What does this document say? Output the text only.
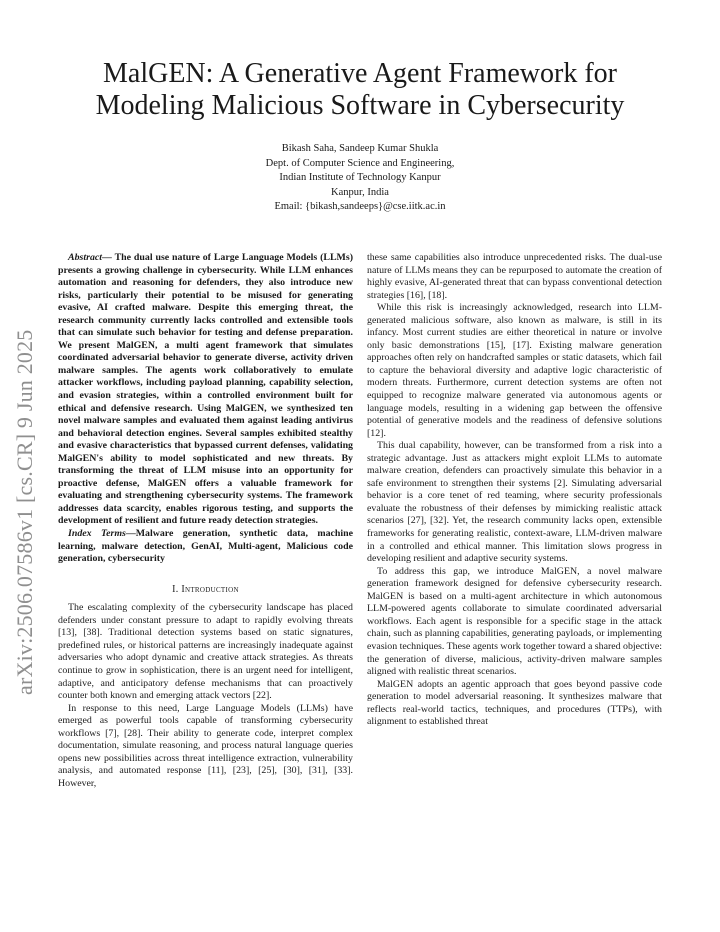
arXiv:2506.07586v1 [cs.CR] 9 Jun 2025
MalGEN: A Generative Agent Framework for
Modeling Malicious Software in Cybersecurity
Bikash Saha, Sandeep Kumar Shukla
Dept. of Computer Science and Engineering,
Indian Institute of Technology Kanpur
Kanpur, India
Email: {bikash,sandeeps}@cse.iitk.ac.in

Abstract— The dual use nature of Large Language Models (LLMs) presents a growing challenge in cybersecurity. While LLM enhances automation and reasoning for defenders, they also introduce new risks, particularly their potential to be misused for generating evasive, AI crafted malware. Despite this emerging threat, the research community currently lacks controlled and extensible tools that can simulate such behavior for testing and defense preparation. We present MalGEN, a multi agent framework that simulates coordinated adversarial behavior to generate diverse, activity driven malware samples. The agents work collaboratively to emulate attacker workflows, including payload planning, capability selection, and evasion strategies, within a controlled environment built for ethical and defensive research. Using MalGEN, we synthesized ten novel malware samples and evaluated them against leading antivirus and behavioral detection engines. Several samples exhibited stealthy and evasive characteristics that bypassed current defenses, validating MalGEN's ability to model sophisticated and new threats. By transforming the threat of LLM misuse into an opportunity for proactive defense, MalGEN offers a valuable framework for evaluating and strengthening cybersecurity systems. The framework addresses data scarcity, enables rigorous testing, and supports the development of resilient and future ready detection strategies.

Index Terms—Malware generation, synthetic data, machine learning, malware detection, GenAI, Multi-agent, Malicious code generation, cybersecurity

I. Introduction

The escalating complexity of the cybersecurity landscape has placed defenders under constant pressure to adapt to rapidly evolving threats [13], [38]. Traditional detection systems based on static signatures, predefined rules, or historical patterns are increasingly inadequate against adversaries who adopt dynamic and creative attack strategies. As threats continue to grow in sophistication, there is an urgent need for intelligent, adaptive, and anticipatory defense mechanisms that can proactively counter both known and emerging attack vectors [22].

In response to this need, Large Language Models (LLMs) have emerged as powerful tools capable of transforming cybersecurity workflows [7], [28]. Their ability to generate code, interpret complex documentation, simulate reasoning, and process natural language queries opens new possibilities across threat intelligence extraction, vulnerability analysis, and automated response [11], [23], [25], [30], [31], [33]. However,

these same capabilities also introduce unprecedented risks. The dual-use nature of LLMs means they can be repurposed to automate the creation of highly evasive, AI-generated threat that can bypass conventional detection strategies [16], [18].

While this risk is increasingly acknowledged, research into LLM-generated malicious software, also known as malware, is still in its infancy. Most current studies are either theoretical in nature or involve only basic demonstrations [15], [17]. Existing malware generation approaches often rely on handcrafted samples or static datasets, which fail to capture the behavioral diversity and adaptive logic characteristic of modern threats. Furthermore, current detection systems are often not equipped to recognize malware generated via autonomous agents or language models, resulting in a widening gap between the offensive potential of generative models and the readiness of defensive solutions [12].

This dual capability, however, can be transformed from a risk into a strategic advantage. Just as attackers might exploit LLMs to automate malware creation, defenders can proactively simulate this behavior in a safe environment to strengthen their systems [2]. Simulating adversarial behavior is a core tenet of red teaming, where security professionals evaluate the robustness of their defenses by mimicking realistic attack scenarios [27], [32]. Yet, the research community lacks open, extensible frameworks for generating realistic, context-aware, LLM-driven malware in a controlled and ethical manner. This limitation slows progress in developing resilient and adaptive security systems.

To address this gap, we introduce MalGEN, a novel malware generation framework designed for defensive cybersecurity research. MalGEN is based on a multi-agent architecture in which autonomous LLM-powered agents collaborate to simulate coordinated adversarial workflows. Each agent is responsible for a specific stage in the attack chain, such as planning capabilities, generating payloads, or implementing evasion techniques. These agents work together toward a shared objective: the generation of diverse, malicious, activity-driven malware samples aligned with realistic threat scenarios.

MalGEN adopts an agentic approach that goes beyond passive code generation to model adversarial reasoning. It synthesizes malware that reflects real-world tactics, techniques, and procedures (TTPs), with alignment to established threat
